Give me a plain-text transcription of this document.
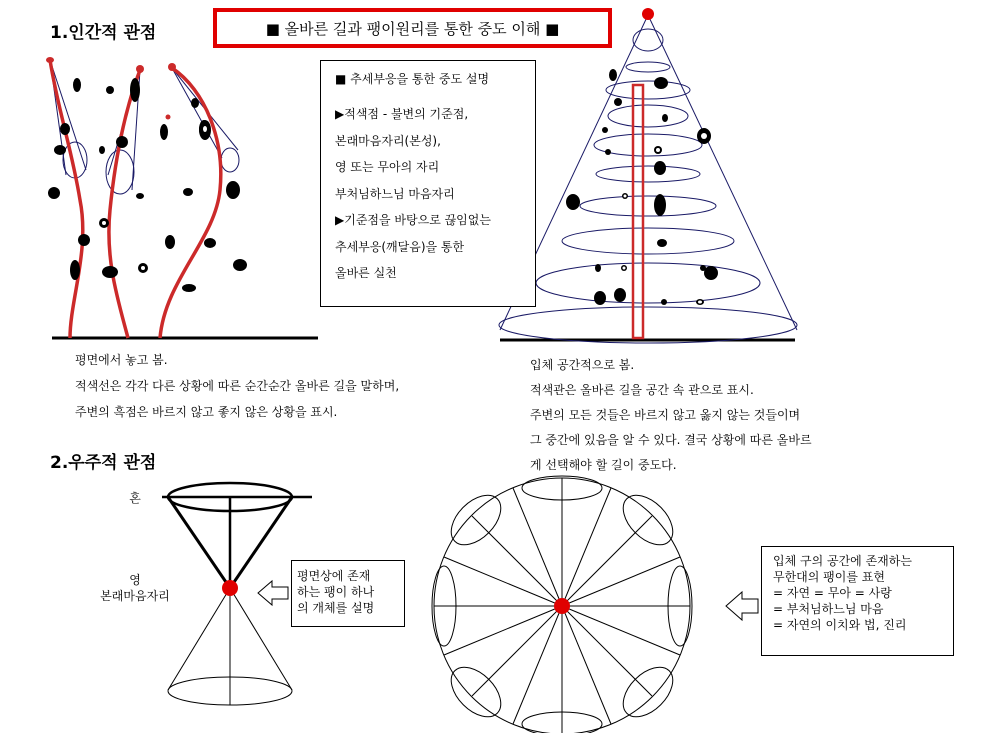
1.인간적 관점	■ 올바른 길과 팽이원리를 통한 중도 이해 ■
■ 추세부응을 통한 중도 설명
▶적색점 - 불변의 기준점,
본래마음자리(본성),
영 또는 무아의 자리
부처님하느님 마음자리
▶기준점을 바탕으로 끊임없는
추세부응(깨달음)을 통한
올바른 실천
평면에서 놓고 봄.
적색선은 각각 다른 상황에 따른 순간순간 올바른 길을 말하며,
주변의 흑점은 바르지 않고 좋지 않은 상황을 표시.
입체 공간적으로 봄.
적색관은 올바른 길을 공간 속 관으로 표시.
주변의 모든 것들은 바르지 않고 옳지 않는 것들이며
그 중간에 있음을 알 수 있다. 결국 상황에 따른 올바르
게 선택해야 할 길이 중도다.
2.우주적 관점
혼
영
본래마음자리
평면상에 존재
하는 팽이 하나
의 개체를 설명
입체 구의 공간에 존재하는
무한대의 팽이를 표현
= 자연 = 무아 = 사랑
= 부처님하느님 마음
= 자연의 이치와 법, 진리
